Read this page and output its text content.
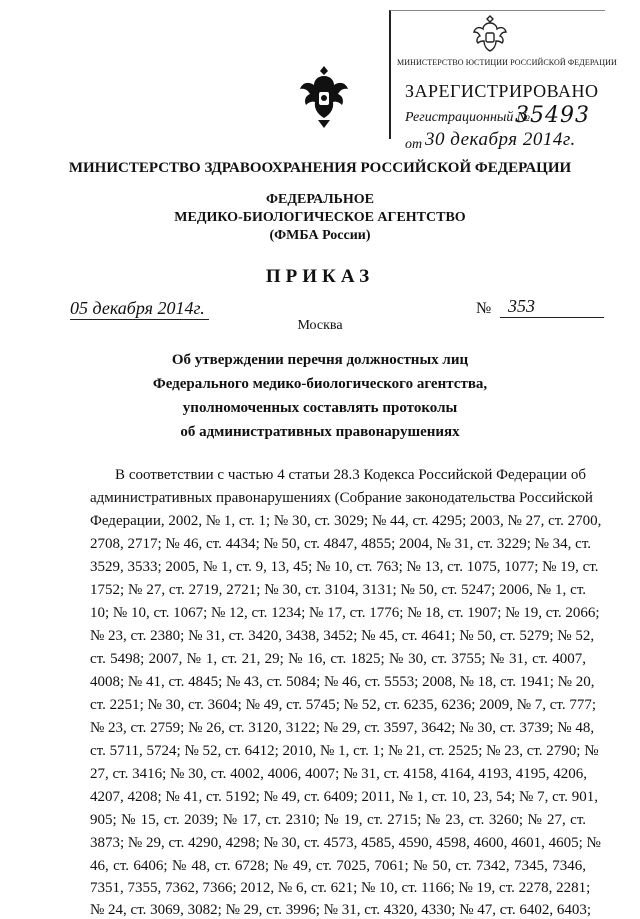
МИНИСТЕРСТВО ЮСТИЦИИ РОССИЙСКОЙ ФЕДЕРАЦИИ
ЗАРЕГИСТРИРОВАНО
Регистрационный №
35493
от 30 декабря 2014г.
МИНИСТЕРСТВО ЗДРАВООХРАНЕНИЯ РОССИЙСКОЙ ФЕДЕРАЦИИ
ФЕДЕРАЛЬНОЕ
МЕДИКО-БИОЛОГИЧЕСКОЕ АГЕНТСТВО
(ФМБА России)
ПРИКАЗ
05 декабря 2014г.	№ 353
Москва
Об утверждении перечня должностных лиц
Федерального медико-биологического агентства,
уполномоченных составлять протоколы
об административных правонарушениях
В соответствии с частью 4 статьи 28.3 Кодекса Российской Федерации об
административных правонарушениях (Собрание законодательства Российской
Федерации, 2002, № 1, ст. 1; № 30, ст. 3029; № 44, ст. 4295; 2003, № 27, ст. 2700,
2708, 2717; № 46, ст. 4434; № 50, ст. 4847, 4855; 2004, № 31, ст. 3229; № 34, ст.
3529, 3533; 2005, № 1, ст. 9, 13, 45; № 10, ст. 763; № 13, ст. 1075, 1077; № 19, ст.
1752; № 27, ст. 2719, 2721; № 30, ст. 3104, 3131; № 50, ст. 5247; 2006, № 1, ст.
10; № 10, ст. 1067; № 12, ст. 1234; № 17, ст. 1776; № 18, ст. 1907; № 19, ст. 2066;
№ 23, ст. 2380; № 31, ст. 3420, 3438, 3452; № 45, ст. 4641; № 50, ст. 5279; № 52,
ст. 5498; 2007, № 1, ст. 21, 29; № 16, ст. 1825; № 30, ст. 3755; № 31, ст. 4007,
4008; № 41, ст. 4845; № 43, ст. 5084; № 46, ст. 5553; 2008, № 18, ст. 1941; № 20,
ст. 2251; № 30, ст. 3604; № 49, ст. 5745; № 52, ст. 6235, 6236; 2009, № 7, ст. 777;
№ 23, ст. 2759; № 26, ст. 3120, 3122; № 29, ст. 3597, 3642; № 30, ст. 3739; № 48,
ст. 5711, 5724; № 52, ст. 6412; 2010, № 1, ст. 1; № 21, ст. 2525; № 23, ст. 2790; №
27, ст. 3416; № 30, ст. 4002, 4006, 4007; № 31, ст. 4158, 4164, 4193, 4195, 4206,
4207, 4208; № 41, ст. 5192; № 49, ст. 6409; 2011, № 1, ст. 10, 23, 54; № 7, ст. 901,
905; № 15, ст. 2039; № 17, ст. 2310; № 19, ст. 2715; № 23, ст. 3260; № 27, ст.
3873; № 29, ст. 4290, 4298; № 30, ст. 4573, 4585, 4590, 4598, 4600, 4601, 4605; №
46, ст. 6406; № 48, ст. 6728; № 49, ст. 7025, 7061; № 50, ст. 7342, 7345, 7346,
7351, 7355, 7362, 7366; 2012, № 6, ст. 621; № 10, ст. 1166; № 19, ст. 2278, 2281;
№ 24, ст. 3069, 3082; № 29, ст. 3996; № 31, ст. 4320, 4330; № 47, ст. 6402, 6403;
